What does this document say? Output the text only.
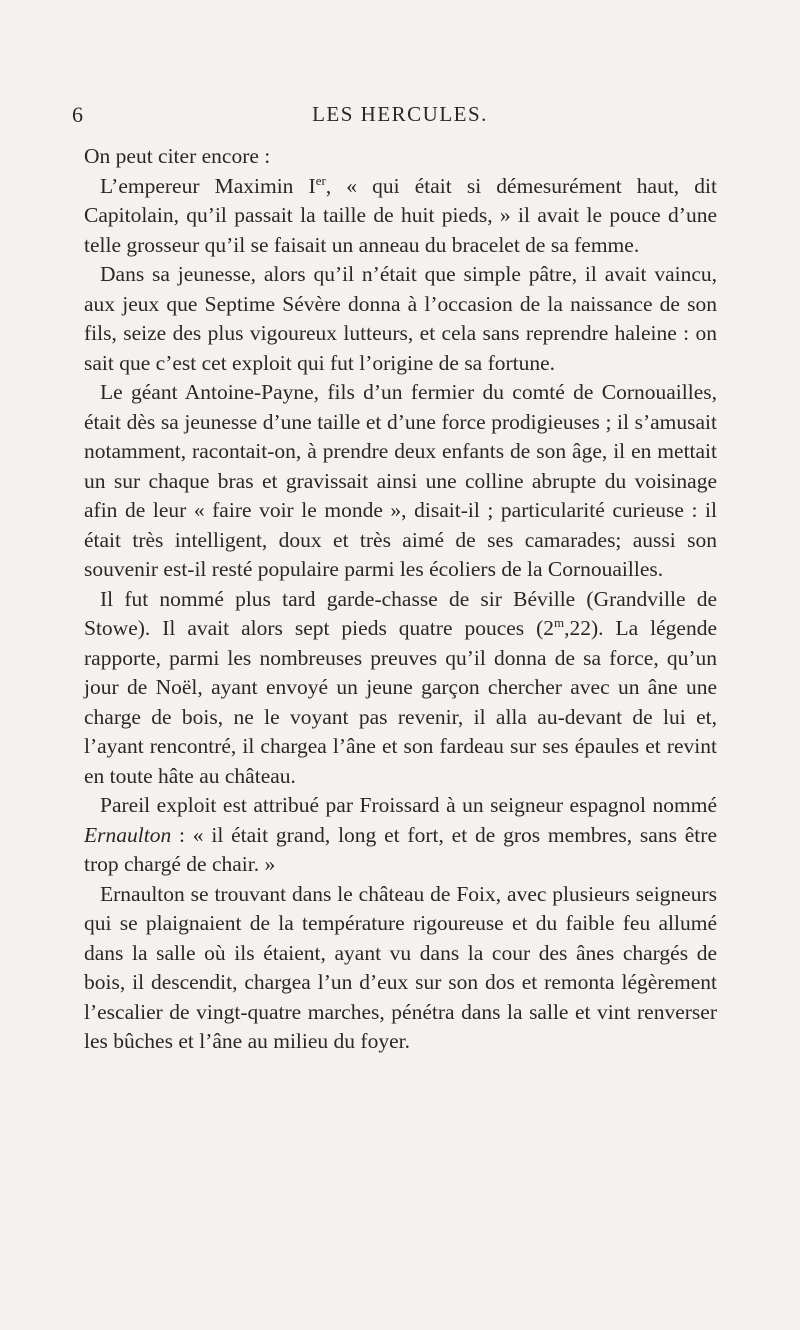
6	LES HERCULES.

On peut citer encore :

L’empereur Maximin Ier, « qui était si démesurément haut, dit Capitolain, qu’il passait la taille de huit pieds, » il avait le pouce d’une telle grosseur qu’il se faisait un anneau du bracelet de sa femme.

Dans sa jeunesse, alors qu’il n’était que simple pâtre, il avait vaincu, aux jeux que Septime Sévère donna à l’occasion de la naissance de son fils, seize des plus vigoureux lutteurs, et cela sans reprendre haleine : on sait que c’est cet exploit qui fut l’origine de sa fortune.

Le géant Antoine-Payne, fils d’un fermier du comté de Cornouailles, était dès sa jeunesse d’une taille et d’une force prodigieuses ; il s’amusait notamment, racontait-on, à prendre deux enfants de son âge, il en mettait un sur chaque bras et gravissait ainsi une colline abrupte du voisinage afin de leur « faire voir le monde », disait-il ; particularité curieuse : il était très intelligent, doux et très aimé de ses camarades; aussi son souvenir est-il resté populaire parmi les écoliers de la Cornouailles.

Il fut nommé plus tard garde-chasse de sir Béville (Grandville de Stowe). Il avait alors sept pieds quatre pouces (2$^m$,22). La légende rapporte, parmi les nombreuses preuves qu’il donna de sa force, qu’un jour de Noël, ayant envoyé un jeune garçon chercher avec un âne une charge de bois, ne le voyant pas revenir, il alla au-devant de lui et, l’ayant rencontré, il chargea l’âne et son fardeau sur ses épaules et revint en toute hâte au château.

Pareil exploit est attribué par Froissard à un seigneur espagnol nommé Ernaulton : « il était grand, long et fort, et de gros membres, sans être trop chargé de chair. »

Ernaulton se trouvant dans le château de Foix, avec plusieurs seigneurs qui se plaignaient de la température rigoureuse et du faible feu allumé dans la salle où ils étaient, ayant vu dans la cour des ânes chargés de bois, il descendit, chargea l’un d’eux sur son dos et remonta légèrement l’escalier de vingt-quatre marches, pénétra dans la salle et vint renverser les bûches et l’âne au milieu du foyer.
